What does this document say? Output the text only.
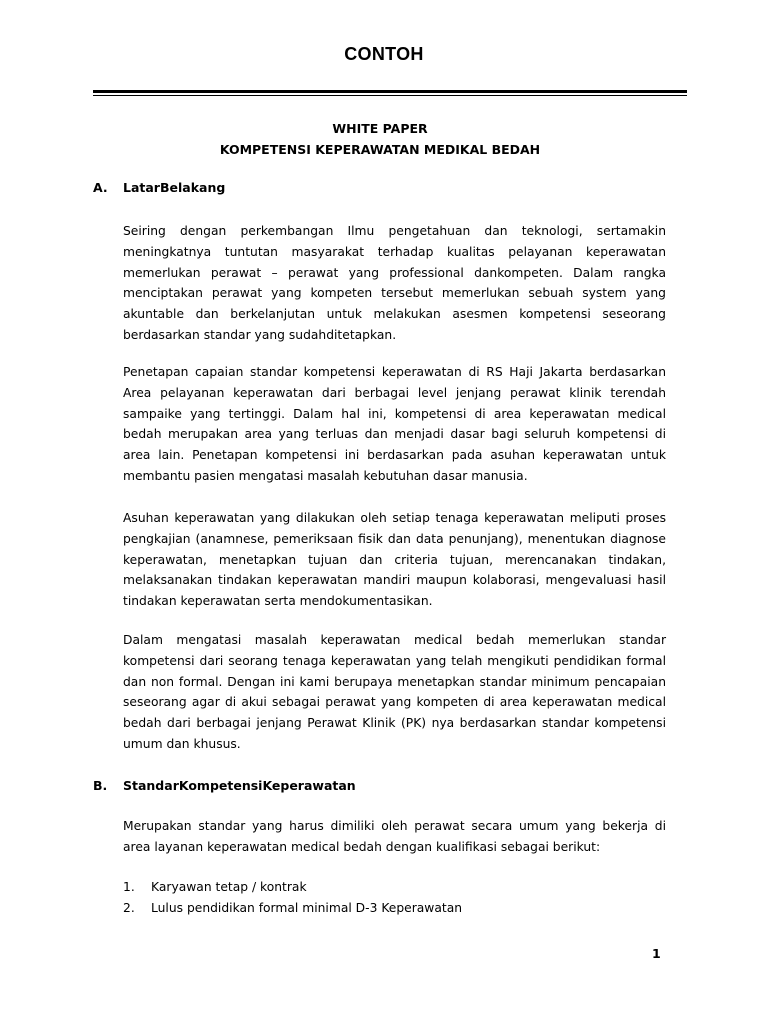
CONTOH
WHITE PAPER
KOMPETENSI KEPERAWATAN MEDIKAL BEDAH
A. LatarBelakang

Seiring dengan perkembangan Ilmu pengetahuan dan teknologi, sertamakin meningkatnya tuntutan masyarakat terhadap kualitas pelayanan keperawatan memerlukan perawat – perawat yang professional dankompeten. Dalam rangka menciptakan perawat yang kompeten tersebut memerlukan sebuah system yang akuntable dan berkelanjutan untuk melakukan asesmen kompetensi seseorang berdasarkan standar yang sudahditetapkan.

Penetapan capaian standar kompetensi keperawatan di RS Haji Jakarta berdasarkan Area pelayanan keperawatan dari berbagai level jenjang perawat klinik terendah sampaike yang tertinggi. Dalam hal ini, kompetensi di area keperawatan medical bedah merupakan area yang terluas dan menjadi dasar bagi seluruh kompetensi di area lain. Penetapan kompetensi ini berdasarkan pada asuhan keperawatan untuk membantu pasien mengatasi masalah kebutuhan dasar manusia.

Asuhan keperawatan yang dilakukan oleh setiap tenaga keperawatan meliputi proses pengkajian (anamnese, pemeriksaan fisik dan data penunjang), menentukan diagnose keperawatan, menetapkan tujuan dan criteria tujuan, merencanakan tindakan, melaksanakan tindakan keperawatan mandiri maupun kolaborasi, mengevaluasi hasil tindakan keperawatan serta mendokumentasikan.

Dalam mengatasi masalah keperawatan medical bedah memerlukan standar kompetensi dari seorang tenaga keperawatan yang telah mengikuti pendidikan formal dan non formal. Dengan ini kami berupaya menetapkan standar minimum pencapaian seseorang agar di akui sebagai perawat yang kompeten di area keperawatan medical bedah dari berbagai jenjang Perawat Klinik (PK) nya berdasarkan standar kompetensi umum dan khusus.

B. StandarKompetensiKeperawatan

Merupakan standar yang harus dimiliki oleh perawat secara umum yang bekerja di area layanan keperawatan medical bedah dengan kualifikasi sebagai berikut:

1.	Karyawan tetap / kontrak
2.	Lulus pendidikan formal minimal D-3 Keperawatan
1
